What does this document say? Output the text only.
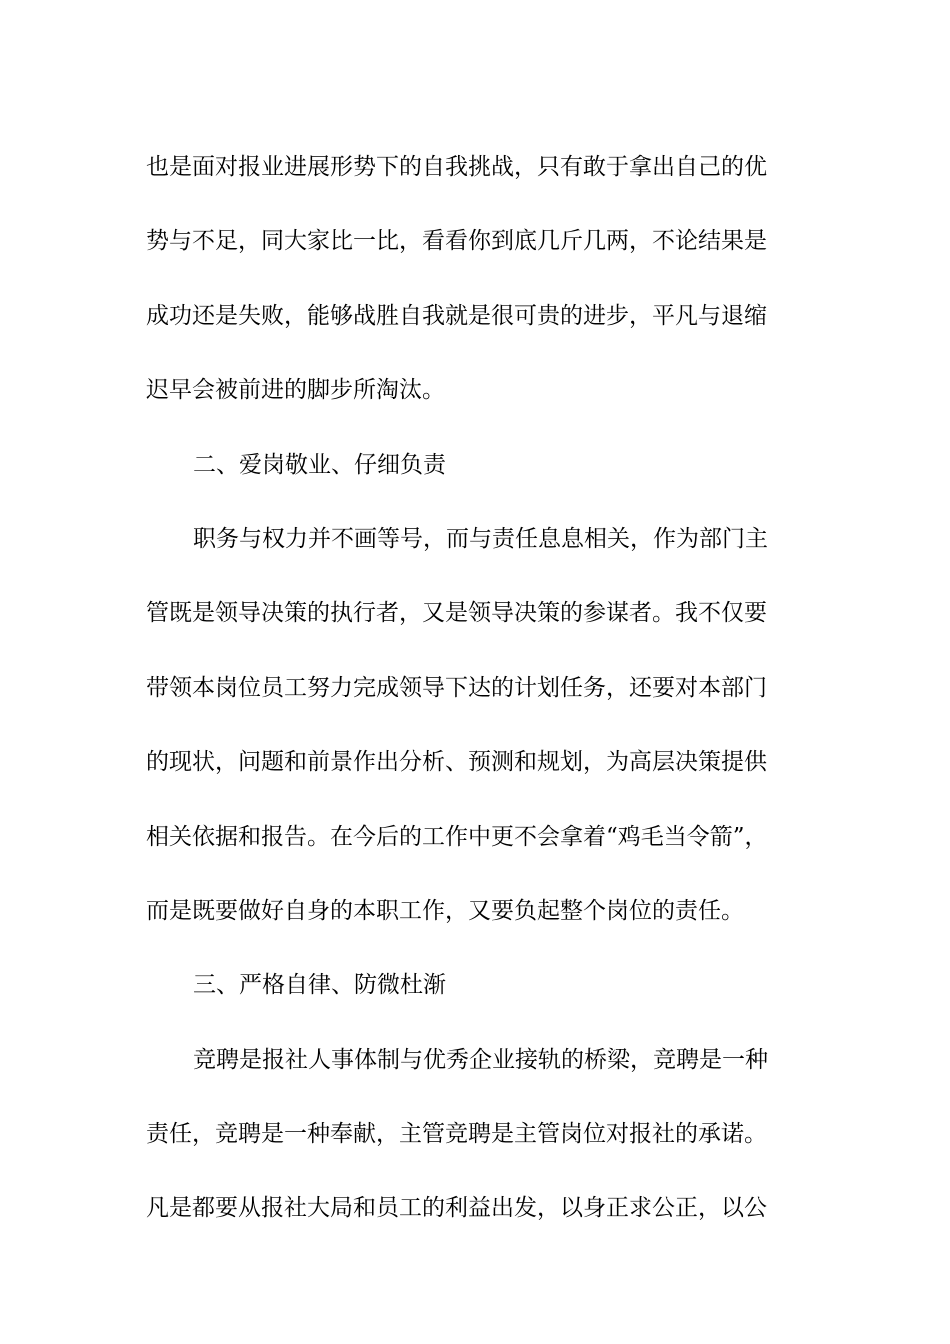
也是面对报业进展形势下的自我挑战，只有敢于拿出自己的优
势与不足，同大家比一比，看看你到底几斤几两，不论结果是
成功还是失败，能够战胜自我就是很可贵的进步，平凡与退缩
迟早会被前进的脚步所淘汰。
二、爱岗敬业、仔细负责
职务与权力并不画等号，而与责任息息相关，作为部门主
管既是领导决策的执行者，又是领导决策的参谋者。我不仅要
带领本岗位员工努力完成领导下达的计划任务，还要对本部门
的现状，问题和前景作出分析、预测和规划，为高层决策提供
相关依据和报告。在今后的工作中更不会拿着“鸡毛当令箭”，
而是既要做好自身的本职工作，又要负起整个岗位的责任。
三、严格自律、防微杜渐
竞聘是报社人事体制与优秀企业接轨的桥梁，竞聘是一种
责任，竞聘是一种奉献，主管竞聘是主管岗位对报社的承诺。
凡是都要从报社大局和员工的利益出发，以身正求公正，以公
